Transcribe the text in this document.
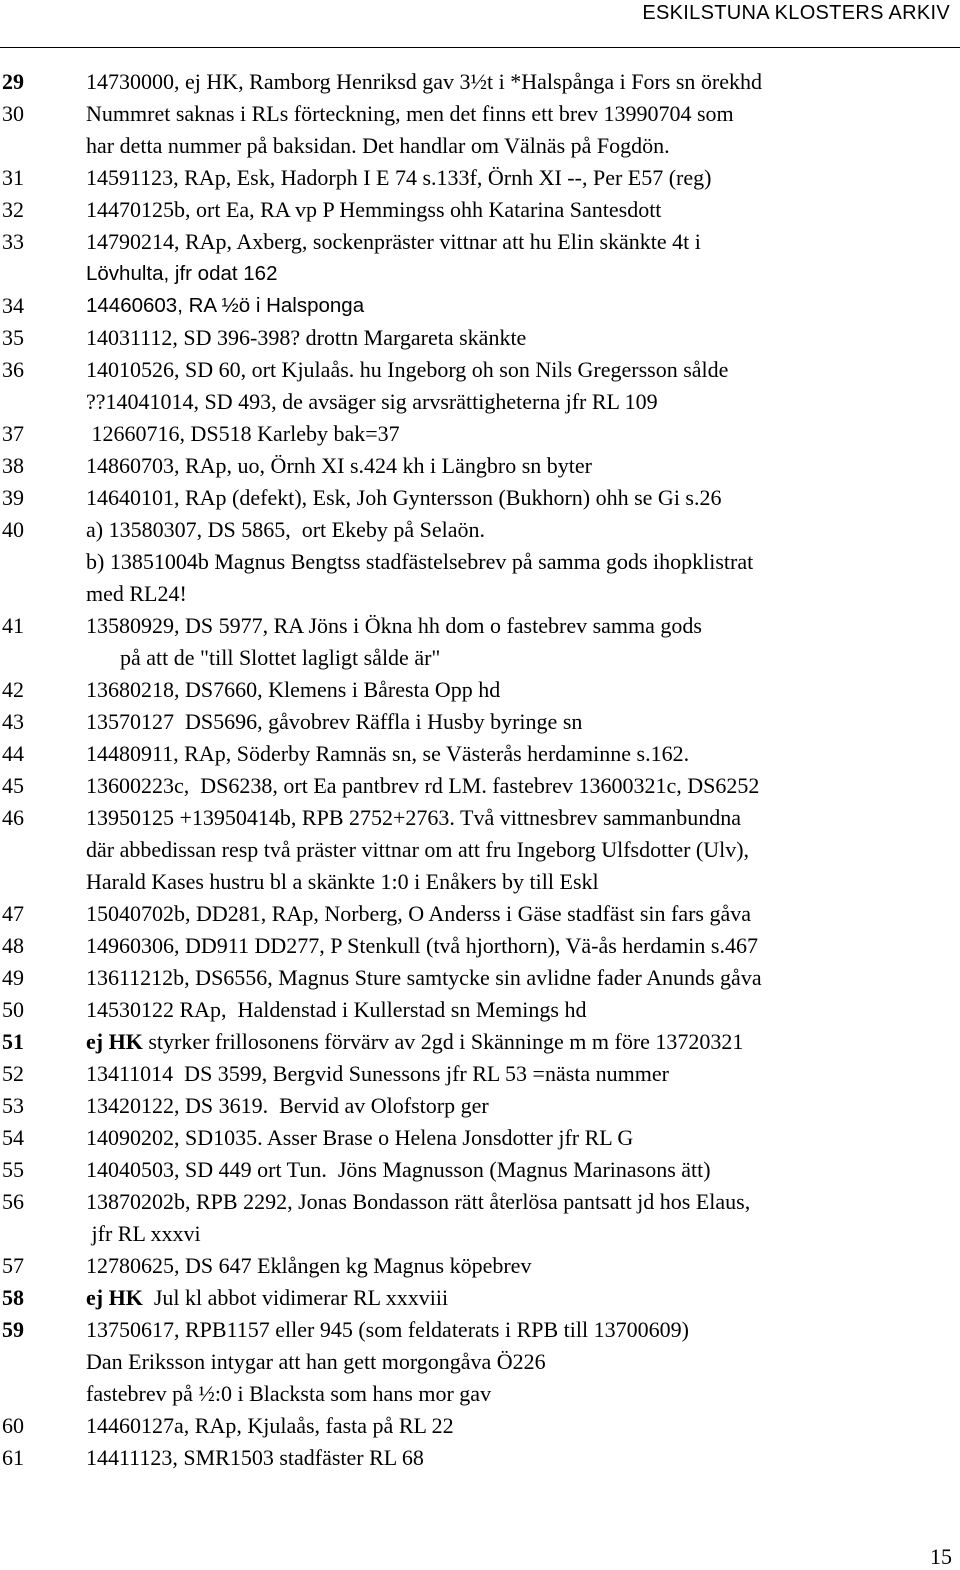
ESKILSTUNA KLOSTERS ARKIV
29	14730000, ej HK, Ramborg Henriksd gav 3½t i *Halspånga i Fors sn örekhd
30	Nummret saknas i RLs förteckning, men det finns ett brev 13990704 som
har detta nummer på baksidan. Det handlar om Välnäs på Fogdön.
31	14591123, RAp, Esk, Hadorph I E 74 s.133f, Örnh XI --, Per E57 (reg)
32	14470125b, ort Ea, RA vp P Hemmingss ohh Katarina Santesdott
33	14790214, RAp, Axberg, sockenpräster vittnar att hu Elin skänkte 4t i
Lövhulta, jfr odat 162
34	14460603, RA ½ö i Halsponga
35	14031112, SD 396-398? drottn Margareta skänkte
36	14010526, SD 60, ort Kjulaås. hu Ingeborg oh son Nils Gregersson sålde
??14041014, SD 493, de avsäger sig arvsrättigheterna jfr RL 109
37	12660716, DS518 Karleby bak=37
38	14860703, RAp, uo, Örnh XI s.424 kh i Längbro sn byter
39	14640101, RAp (defekt), Esk, Joh Gyntersson (Bukhorn) ohh se Gi s.26
40	a) 13580307, DS 5865,  ort Ekeby på Selaön.
b) 13851004b Magnus Bengtss stadfästelsebrev på samma gods ihopklistrat
med RL24!
41	13580929, DS 5977, RA Jöns i Ökna hh dom o fastebrev samma gods
på att de "till Slottet lagligt sålde är"
42	13680218, DS7660, Klemens i Båresta Opp hd
43	13570127  DS5696, gåvobrev Räffla i Husby byringe sn
44	14480911, RAp, Söderby Ramnäs sn, se Västerås herdaminne s.162.
45	13600223c,  DS6238, ort Ea pantbrev rd LM. fastebrev 13600321c, DS6252
46	13950125 +13950414b, RPB 2752+2763. Två vittnesbrev sammanbundna
där abbedissan resp två präster vittnar om att fru Ingeborg Ulfsdotter (Ulv),
Harald Kases hustru bl a skänkte 1:0 i Enåkers by till Eskl
47	15040702b, DD281, RAp, Norberg, O Anderss i Gäse stadfäst sin fars gåva
48	14960306, DD911 DD277, P Stenkull (två hjorthorn), Vä-ås herdamin s.467
49	13611212b, DS6556, Magnus Sture samtycke sin avlidne fader Anunds gåva
50	14530122 RAp,  Haldenstad i Kullerstad sn Memings hd
51	ej HK styrker frillosonens förvärv av 2gd i Skänninge m m före 13720321
52	13411014  DS 3599, Bergvid Sunessons jfr RL 53 =nästa nummer
53	13420122, DS 3619.  Bervid av Olofstorp ger
54	14090202, SD1035. Asser Brase o Helena Jonsdotter jfr RL G
55	14040503, SD 449 ort Tun.  Jöns Magnusson (Magnus Marinasons ätt)
56	13870202b, RPB 2292, Jonas Bondasson rätt återlösa pantsatt jd hos Elaus,
jfr RL xxxvi
57	12780625, DS 647 Eklången kg Magnus köpebrev
58	ej HK  Jul kl abbot vidimerar RL xxxviii
59	13750617, RPB1157 eller 945 (som feldaterats i RPB till 13700609)
Dan Eriksson intygar att han gett morgongåva Ö226
fastebrev på ½:0 i Blacksta som hans mor gav
60	14460127a, RAp, Kjulaås, fasta på RL 22
61	14411123, SMR1503 stadfäster RL 68
15
